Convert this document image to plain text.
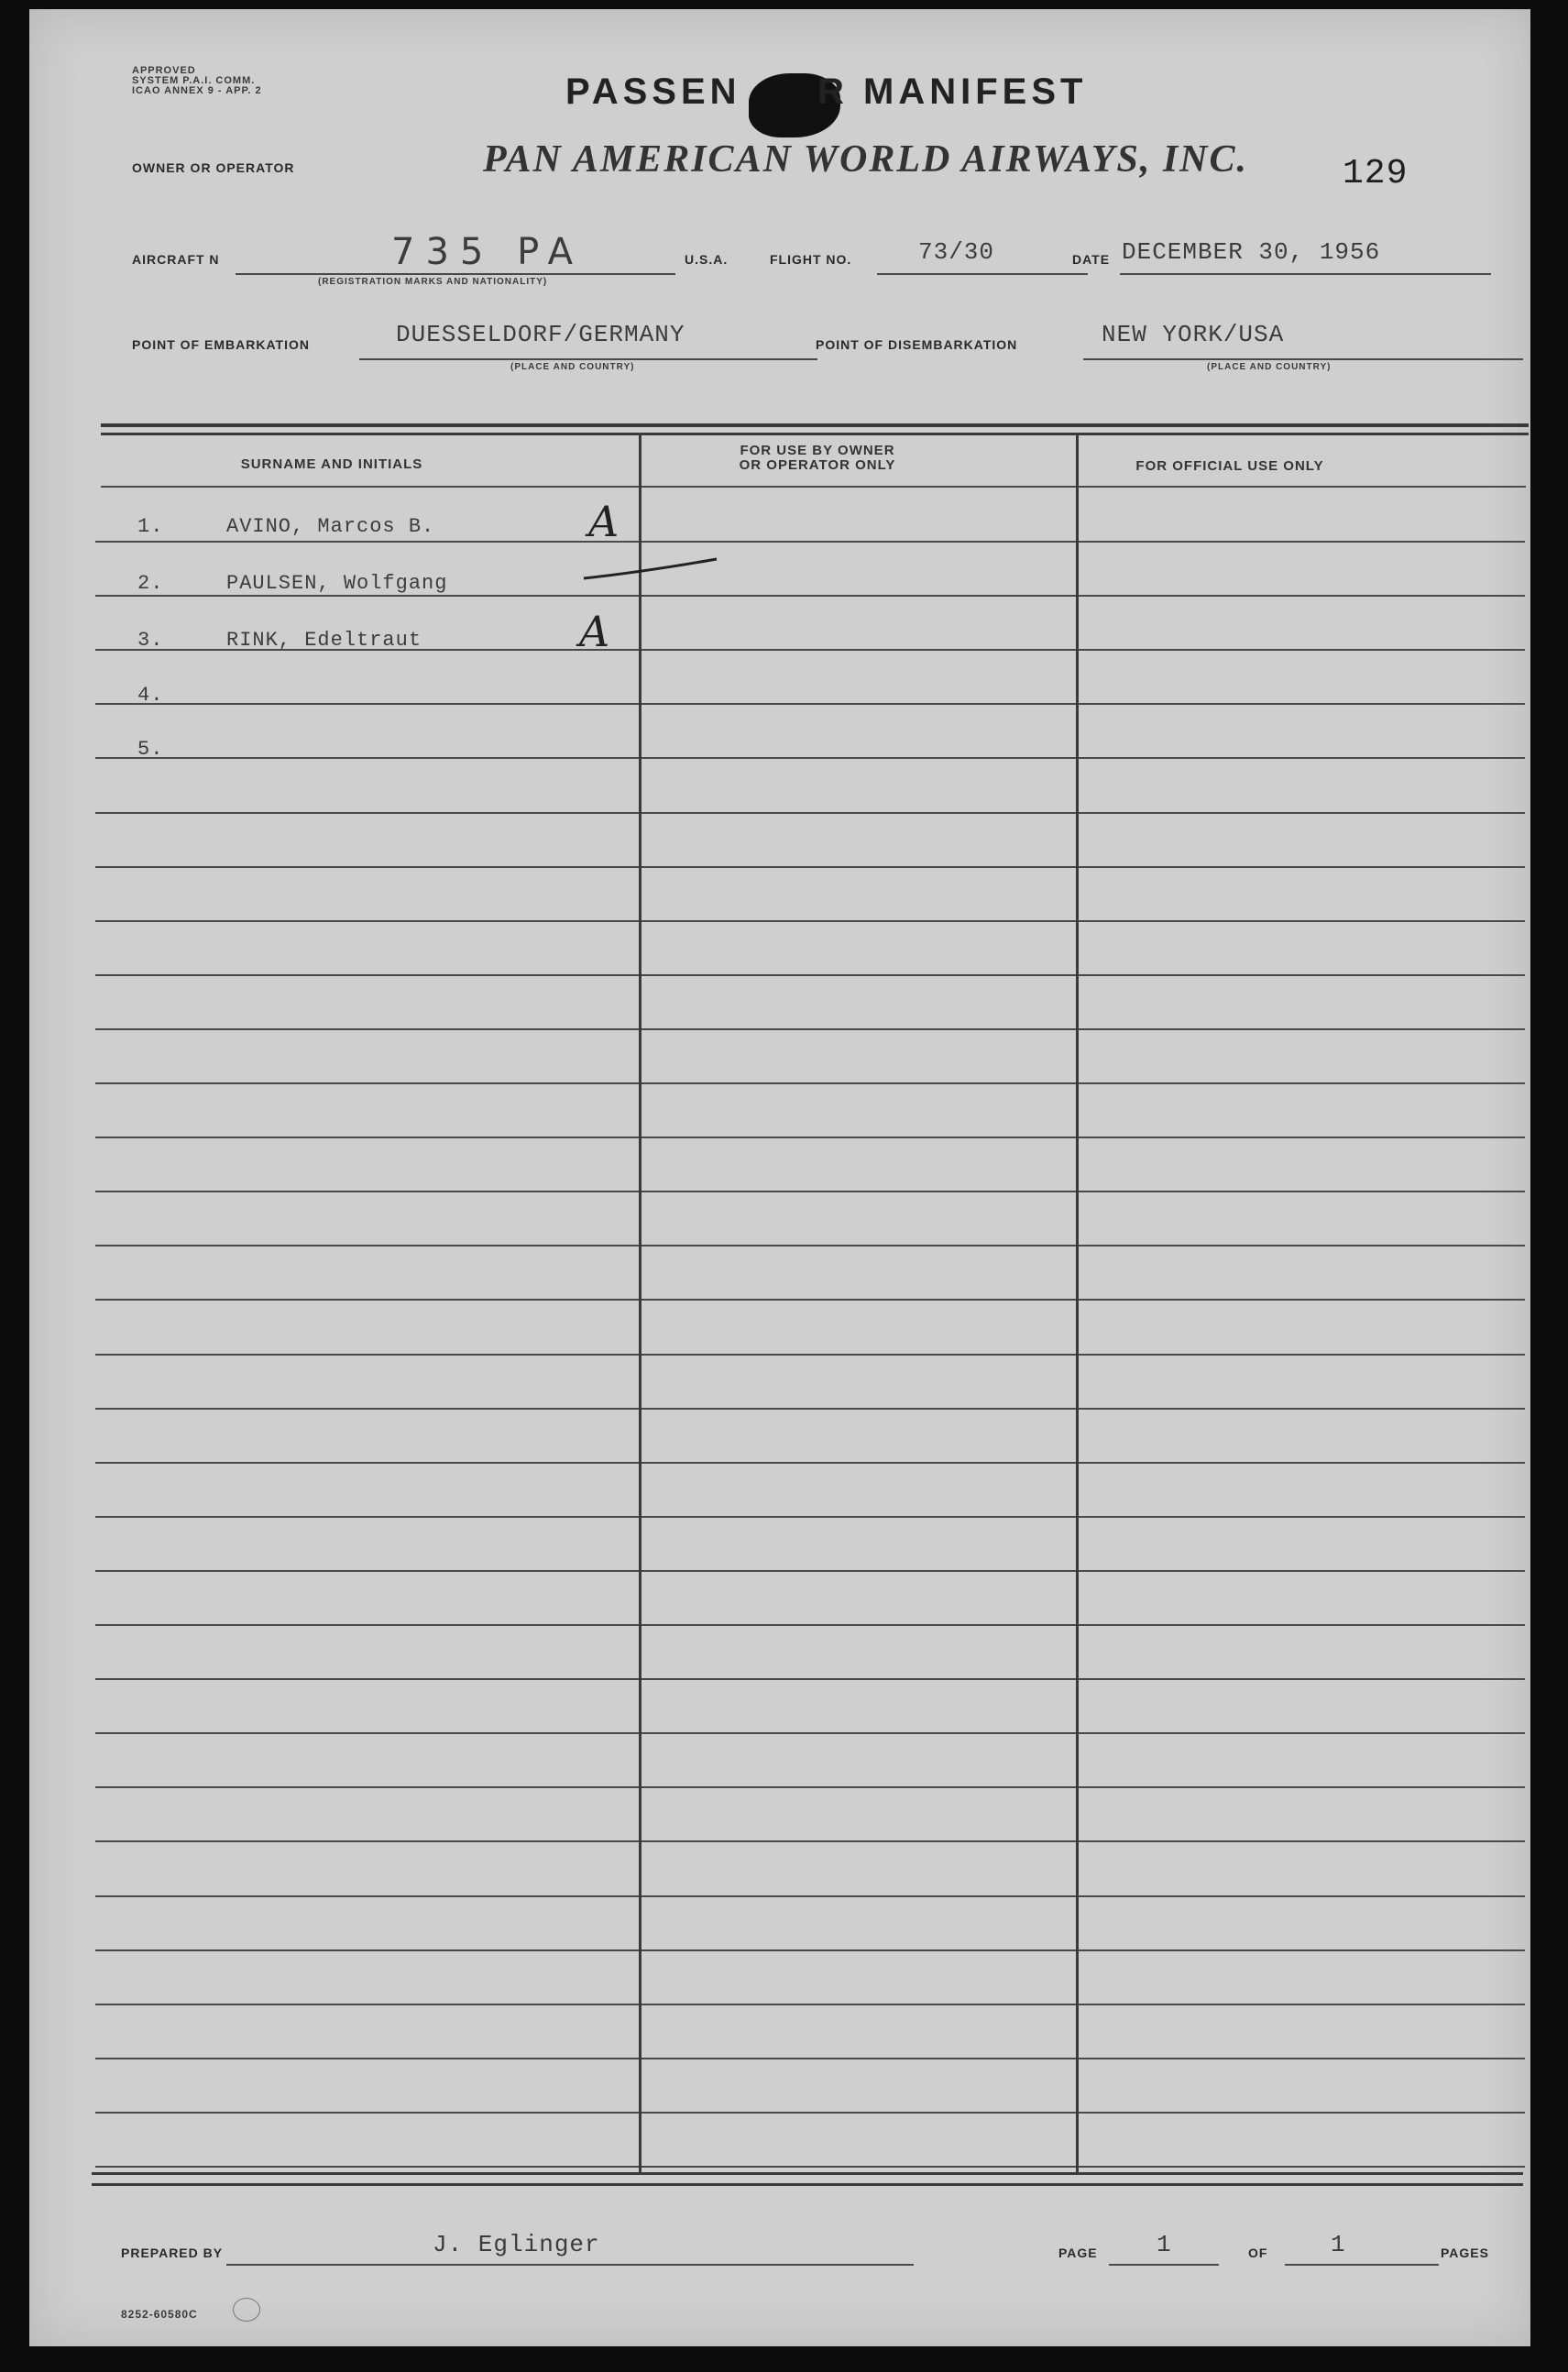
APPROVED
SYSTEM P.A.I. COMM.
ICAO ANNEX 9 - APP. 2	PASSEN R MANIFEST
OWNER OR OPERATOR	PAN AMERICAN WORLD AIRWAYS, INC.	129
AIRCRAFT N	735 PA
(REGISTRATION MARKS AND NATIONALITY)
U.S.A.	FLIGHT NO.	73/30	DATE DECEMBER 30, 1956
POINT OF EMBARKATION	DUESSELDORF/GERMANY
(PLACE AND COUNTRY)
POINT OF DISEMBARKATION	NEW YORK/USA
(PLACE AND COUNTRY)
SURNAME AND INITIALS
FOR USE BY OWNER
OR OPERATOR ONLY	FOR OFFICIAL USE ONLY
1.	AVINO, Marcos B.	A
2.	PAULSEN, Wolfgang
3.	RINK, Edeltraut	A
4.
5.
PREPARED BY	J. Eglinger	PAGE 1	OF	1	PAGES
8252-60580C
